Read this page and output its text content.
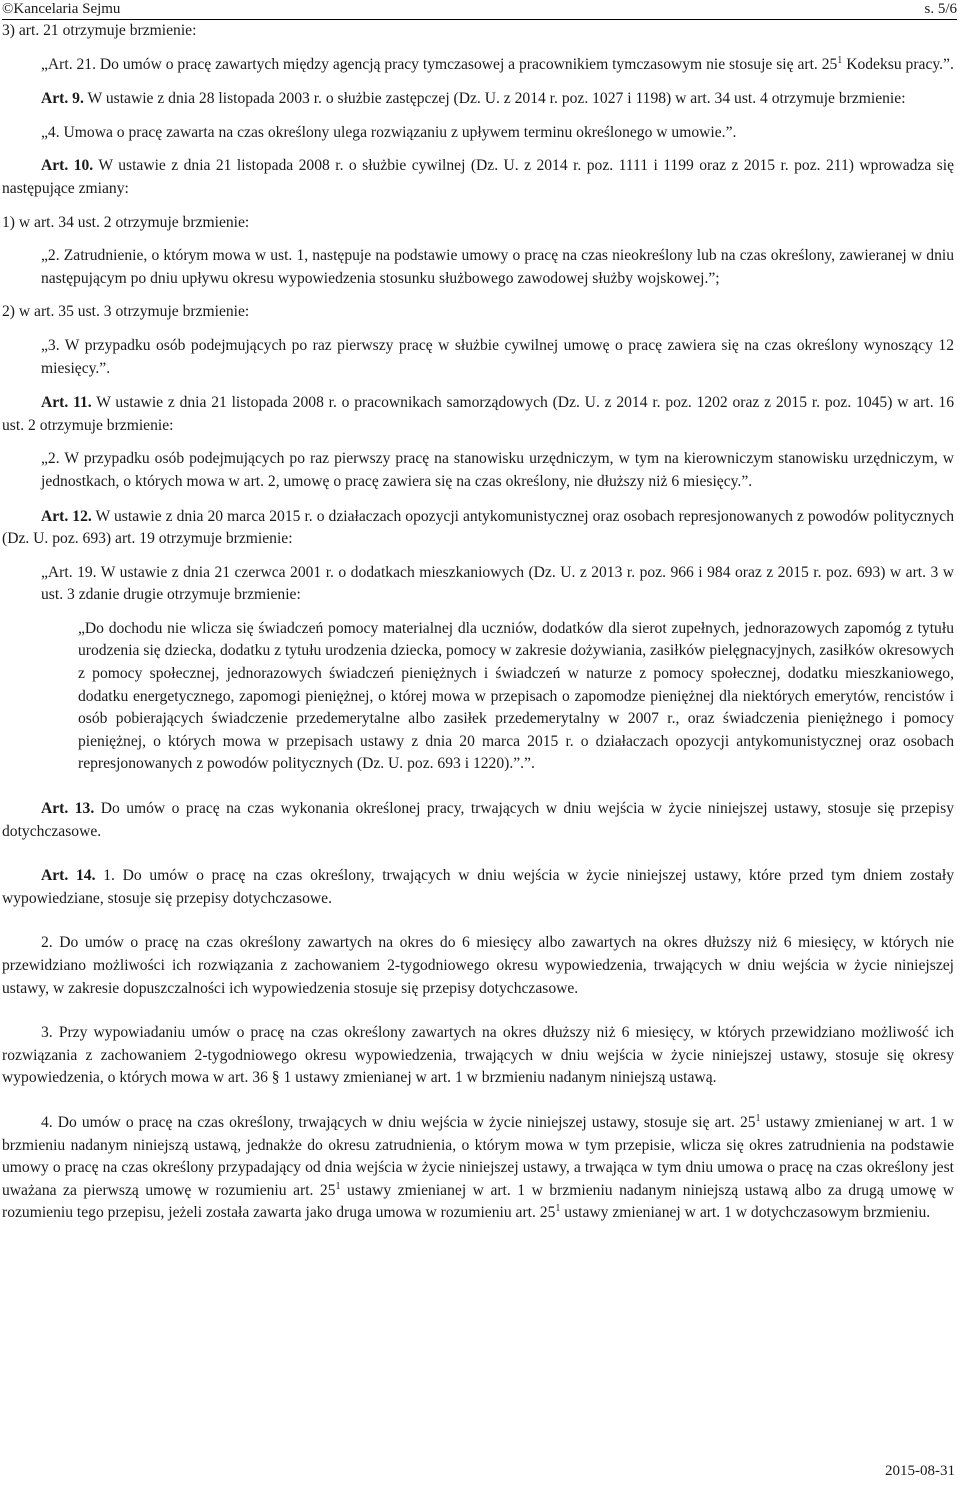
©Kancelaria Sejmu	s. 5/6

3) art. 21 otrzymuje brzmienie:

„Art. 21. Do umów o pracę zawartych między agencją pracy tymczasowej a pracownikiem tymczasowym nie stosuje się art. $25^1$ Kodeksu pracy.”.

Art. 9. W ustawie z dnia 28 listopada 2003 r. o służbie zastępczej (Dz. U. z 2014 r. poz. 1027 i 1198) w art. 34 ust. 4 otrzymuje brzmienie:

„4. Umowa o pracę zawarta na czas określony ulega rozwiązaniu z upływem terminu określonego w umowie.”.

Art. 10. W ustawie z dnia 21 listopada 2008 r. o służbie cywilnej (Dz. U. z 2014 r. poz. 1111 i 1199 oraz z 2015 r. poz. 211) wprowadza się następujące zmiany:

1) w art. 34 ust. 2 otrzymuje brzmienie:

„2. Zatrudnienie, o którym mowa w ust. 1, następuje na podstawie umowy o pracę na czas nieokreślony lub na czas określony, zawieranej w dniu następującym po dniu upływu okresu wypowiedzenia stosunku służbowego zawodowej służby wojskowej.”;

2) w art. 35 ust. 3 otrzymuje brzmienie:

„3. W przypadku osób podejmujących po raz pierwszy pracę w służbie cywilnej umowę o pracę zawiera się na czas określony wynoszący 12 miesięcy.”.

Art. 11. W ustawie z dnia 21 listopada 2008 r. o pracownikach samorządowych (Dz. U. z 2014 r. poz. 1202 oraz z 2015 r. poz. 1045) w art. 16 ust. 2 otrzymuje brzmienie:

„2. W przypadku osób podejmujących po raz pierwszy pracę na stanowisku urzędniczym, w tym na kierowniczym stanowisku urzędniczym, w jednostkach, o których mowa w art. 2, umowę o pracę zawiera się na czas określony, nie dłuższy niż 6 miesięcy.”.

Art. 12. W ustawie z dnia 20 marca 2015 r. o działaczach opozycji antykomunistycznej oraz osobach represjonowanych z powodów politycznych (Dz. U. poz. 693) art. 19 otrzymuje brzmienie:

„Art. 19. W ustawie z dnia 21 czerwca 2001 r. o dodatkach mieszkaniowych (Dz. U. z 2013 r. poz. 966 i 984 oraz z 2015 r. poz. 693) w art. 3 w ust. 3 zdanie drugie otrzymuje brzmienie:

„Do dochodu nie wlicza się świadczeń pomocy materialnej dla uczniów, dodatków dla sierot zupełnych, jednorazowych zapomóg z tytułu urodzenia się dziecka, dodatku z tytułu urodzenia dziecka, pomocy w zakresie dożywiania, zasiłków pielęgnacyjnych, zasiłków okresowych z pomocy społecznej, jednorazowych świadczeń pieniężnych i świadczeń w naturze z pomocy społecznej, dodatku mieszkaniowego, dodatku energetycznego, zapomogi pieniężnej, o której mowa w przepisach o zapomodze pieniężnej dla niektórych emerytów, rencistów i osób pobierających świadczenie przedemerytalne albo zasiłek przedemerytalny w 2007 r., oraz świadczenia pieniężnego i pomocy pieniężnej, o których mowa w przepisach ustawy z dnia 20 marca 2015 r. o działaczach opozycji antykomunistycznej oraz osobach represjonowanych z powodów politycznych (Dz. U. poz. 693 i 1220).”.”.

Art. 13. Do umów o pracę na czas wykonania określonej pracy, trwających w dniu wejścia w życie niniejszej ustawy, stosuje się przepisy dotychczasowe.

Art. 14. 1. Do umów o pracę na czas określony, trwających w dniu wejścia w życie niniejszej ustawy, które przed tym dniem zostały wypowiedziane, stosuje się przepisy dotychczasowe.

2. Do umów o pracę na czas określony zawartych na okres do 6 miesięcy albo zawartych na okres dłuższy niż 6 miesięcy, w których nie przewidziano możliwości ich rozwiązania z zachowaniem 2-tygodniowego okresu wypowiedzenia, trwających w dniu wejścia w życie niniejszej ustawy, w zakresie dopuszczalności ich wypowiedzenia stosuje się przepisy dotychczasowe.

3. Przy wypowiadaniu umów o pracę na czas określony zawartych na okres dłuższy niż 6 miesięcy, w których przewidziano możliwość ich rozwiązania z zachowaniem 2-tygodniowego okresu wypowiedzenia, trwających w dniu wejścia w życie niniejszej ustawy, stosuje się okresy wypowiedzenia, o których mowa w art. 36 § 1 ustawy zmienianej w art. 1 w brzmieniu nadanym niniejszą ustawą.

4. Do umów o pracę na czas określony, trwających w dniu wejścia w życie niniejszej ustawy, stosuje się art. $25^1$ ustawy zmienianej w art. 1 w brzmieniu nadanym niniejszą ustawą, jednakże do okresu zatrudnienia, o którym mowa w tym przepisie, wlicza się okres zatrudnienia na podstawie umowy o pracę na czas określony przypadający od dnia wejścia w życie niniejszej ustawy, a trwająca w tym dniu umowa o pracę na czas określony jest uważana za pierwszą umowę w rozumieniu art. $25^1$ ustawy zmienianej w art. 1 w brzmieniu nadanym niniejszą ustawą albo za drugą umowę w rozumieniu tego przepisu, jeżeli została zawarta jako druga umowa w rozumieniu art. $25^1$ ustawy zmienianej w art. 1 w dotychczasowym brzmieniu.

2015-08-31
